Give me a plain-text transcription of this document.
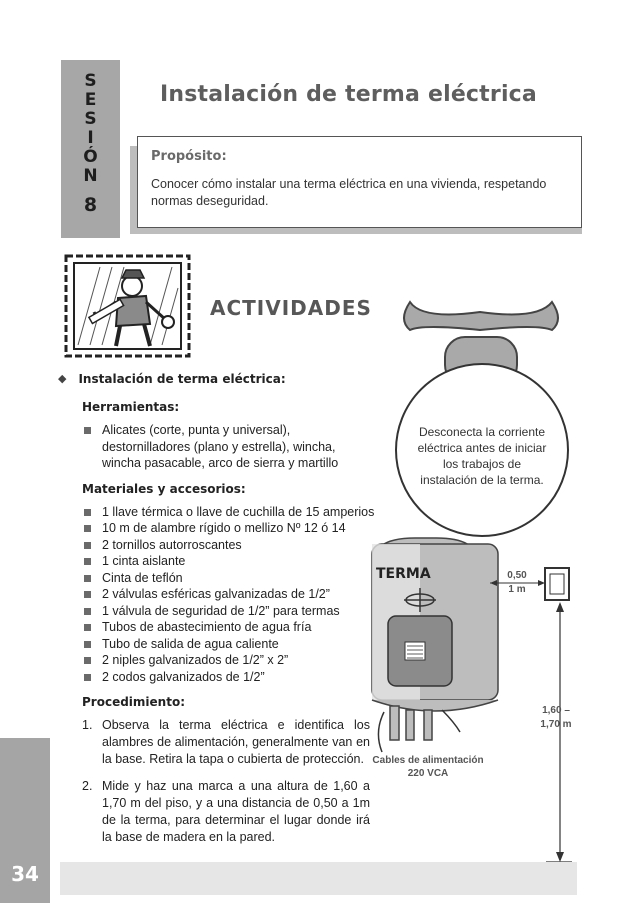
S
E
S
I
Ó
N
8
Instalación de terma eléctrica
Propósito:
Conocer cómo instalar una terma eléctrica en una vivienda, respetando normas deseguridad.
ACTIVIDADES
◆ Instalación de terma eléctrica:
Herramientas:
Alicates (corte, punta y universal), destornilladores (plano y estrella), wincha, wincha pasacable, arco de sierra y martillo
Materiales y accesorios:
1 llave térmica o llave de cuchilla de 15 amperios
10 m de alambre rígido o mellizo Nº 12 ó 14
2 tornillos autorroscantes
1 cinta aislante
Cinta de teflón
2 válvulas esféricas galvanizadas de 1/2”
1 válvula de seguridad de 1/2” para termas
Tubos de abastecimiento de agua fría
Tubo de salida de agua caliente
2 niples galvanizados de 1/2” x 2”
2 codos galvanizados de 1/2”
Procedimiento:
1. Observa la terma eléctrica e identifica los alambres de alimentación, generalmente van en la base. Retira la tapa o cubierta de protección.
2. Mide y haz una marca a una altura de 1,60 a 1,70 m del piso, y a una distancia de 0,50 a 1m de la terma, para determinar el lugar donde irá la base de madera en la pared.
Desconecta la corriente eléctrica antes de iniciar los trabajos de instalación de la terma.
TERMA	0,50
1 m
1,60 –
1,70 m
Cables de alimentación
220 VCA
34
